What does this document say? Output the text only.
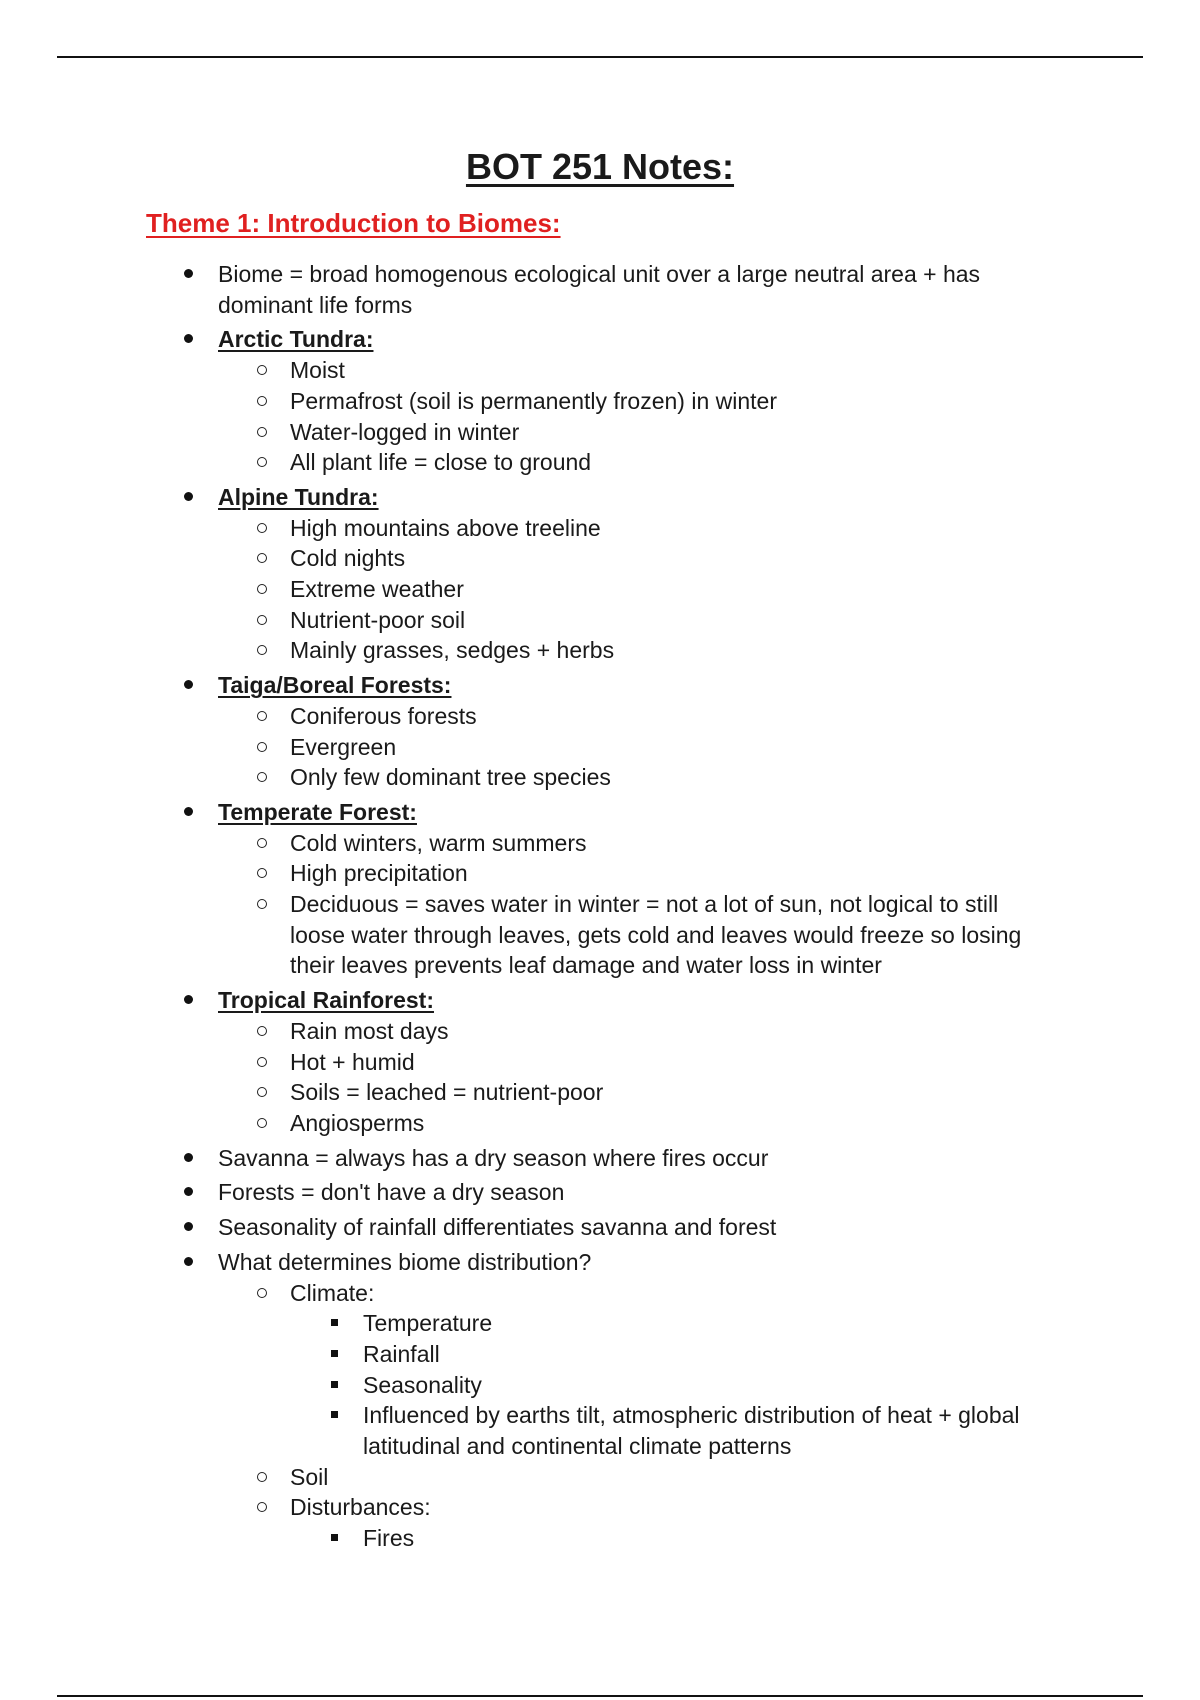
BOT 251 Notes:
Theme 1: Introduction to Biomes:
Biome = broad homogenous ecological unit over a large neutral area + has dominant life forms
Arctic Tundra:
Moist
Permafrost (soil is permanently frozen) in winter
Water-logged in winter
All plant life = close to ground
Alpine Tundra:
High mountains above treeline
Cold nights
Extreme weather
Nutrient-poor soil
Mainly grasses, sedges + herbs
Taiga/Boreal Forests:
Coniferous forests
Evergreen
Only few dominant tree species
Temperate Forest:
Cold winters, warm summers
High precipitation
Deciduous = saves water in winter = not a lot of sun, not logical to still loose water through leaves, gets cold and leaves would freeze so losing their leaves prevents leaf damage and water loss in winter
Tropical Rainforest:
Rain most days
Hot + humid
Soils = leached = nutrient-poor
Angiosperms
Savanna = always has a dry season where fires occur
Forests = don't have a dry season
Seasonality of rainfall differentiates savanna and forest
What determines biome distribution?
Climate:
Temperature
Rainfall
Seasonality
Influenced by earths tilt, atmospheric distribution of heat + global latitudinal and continental climate patterns
Soil
Disturbances:
Fires
